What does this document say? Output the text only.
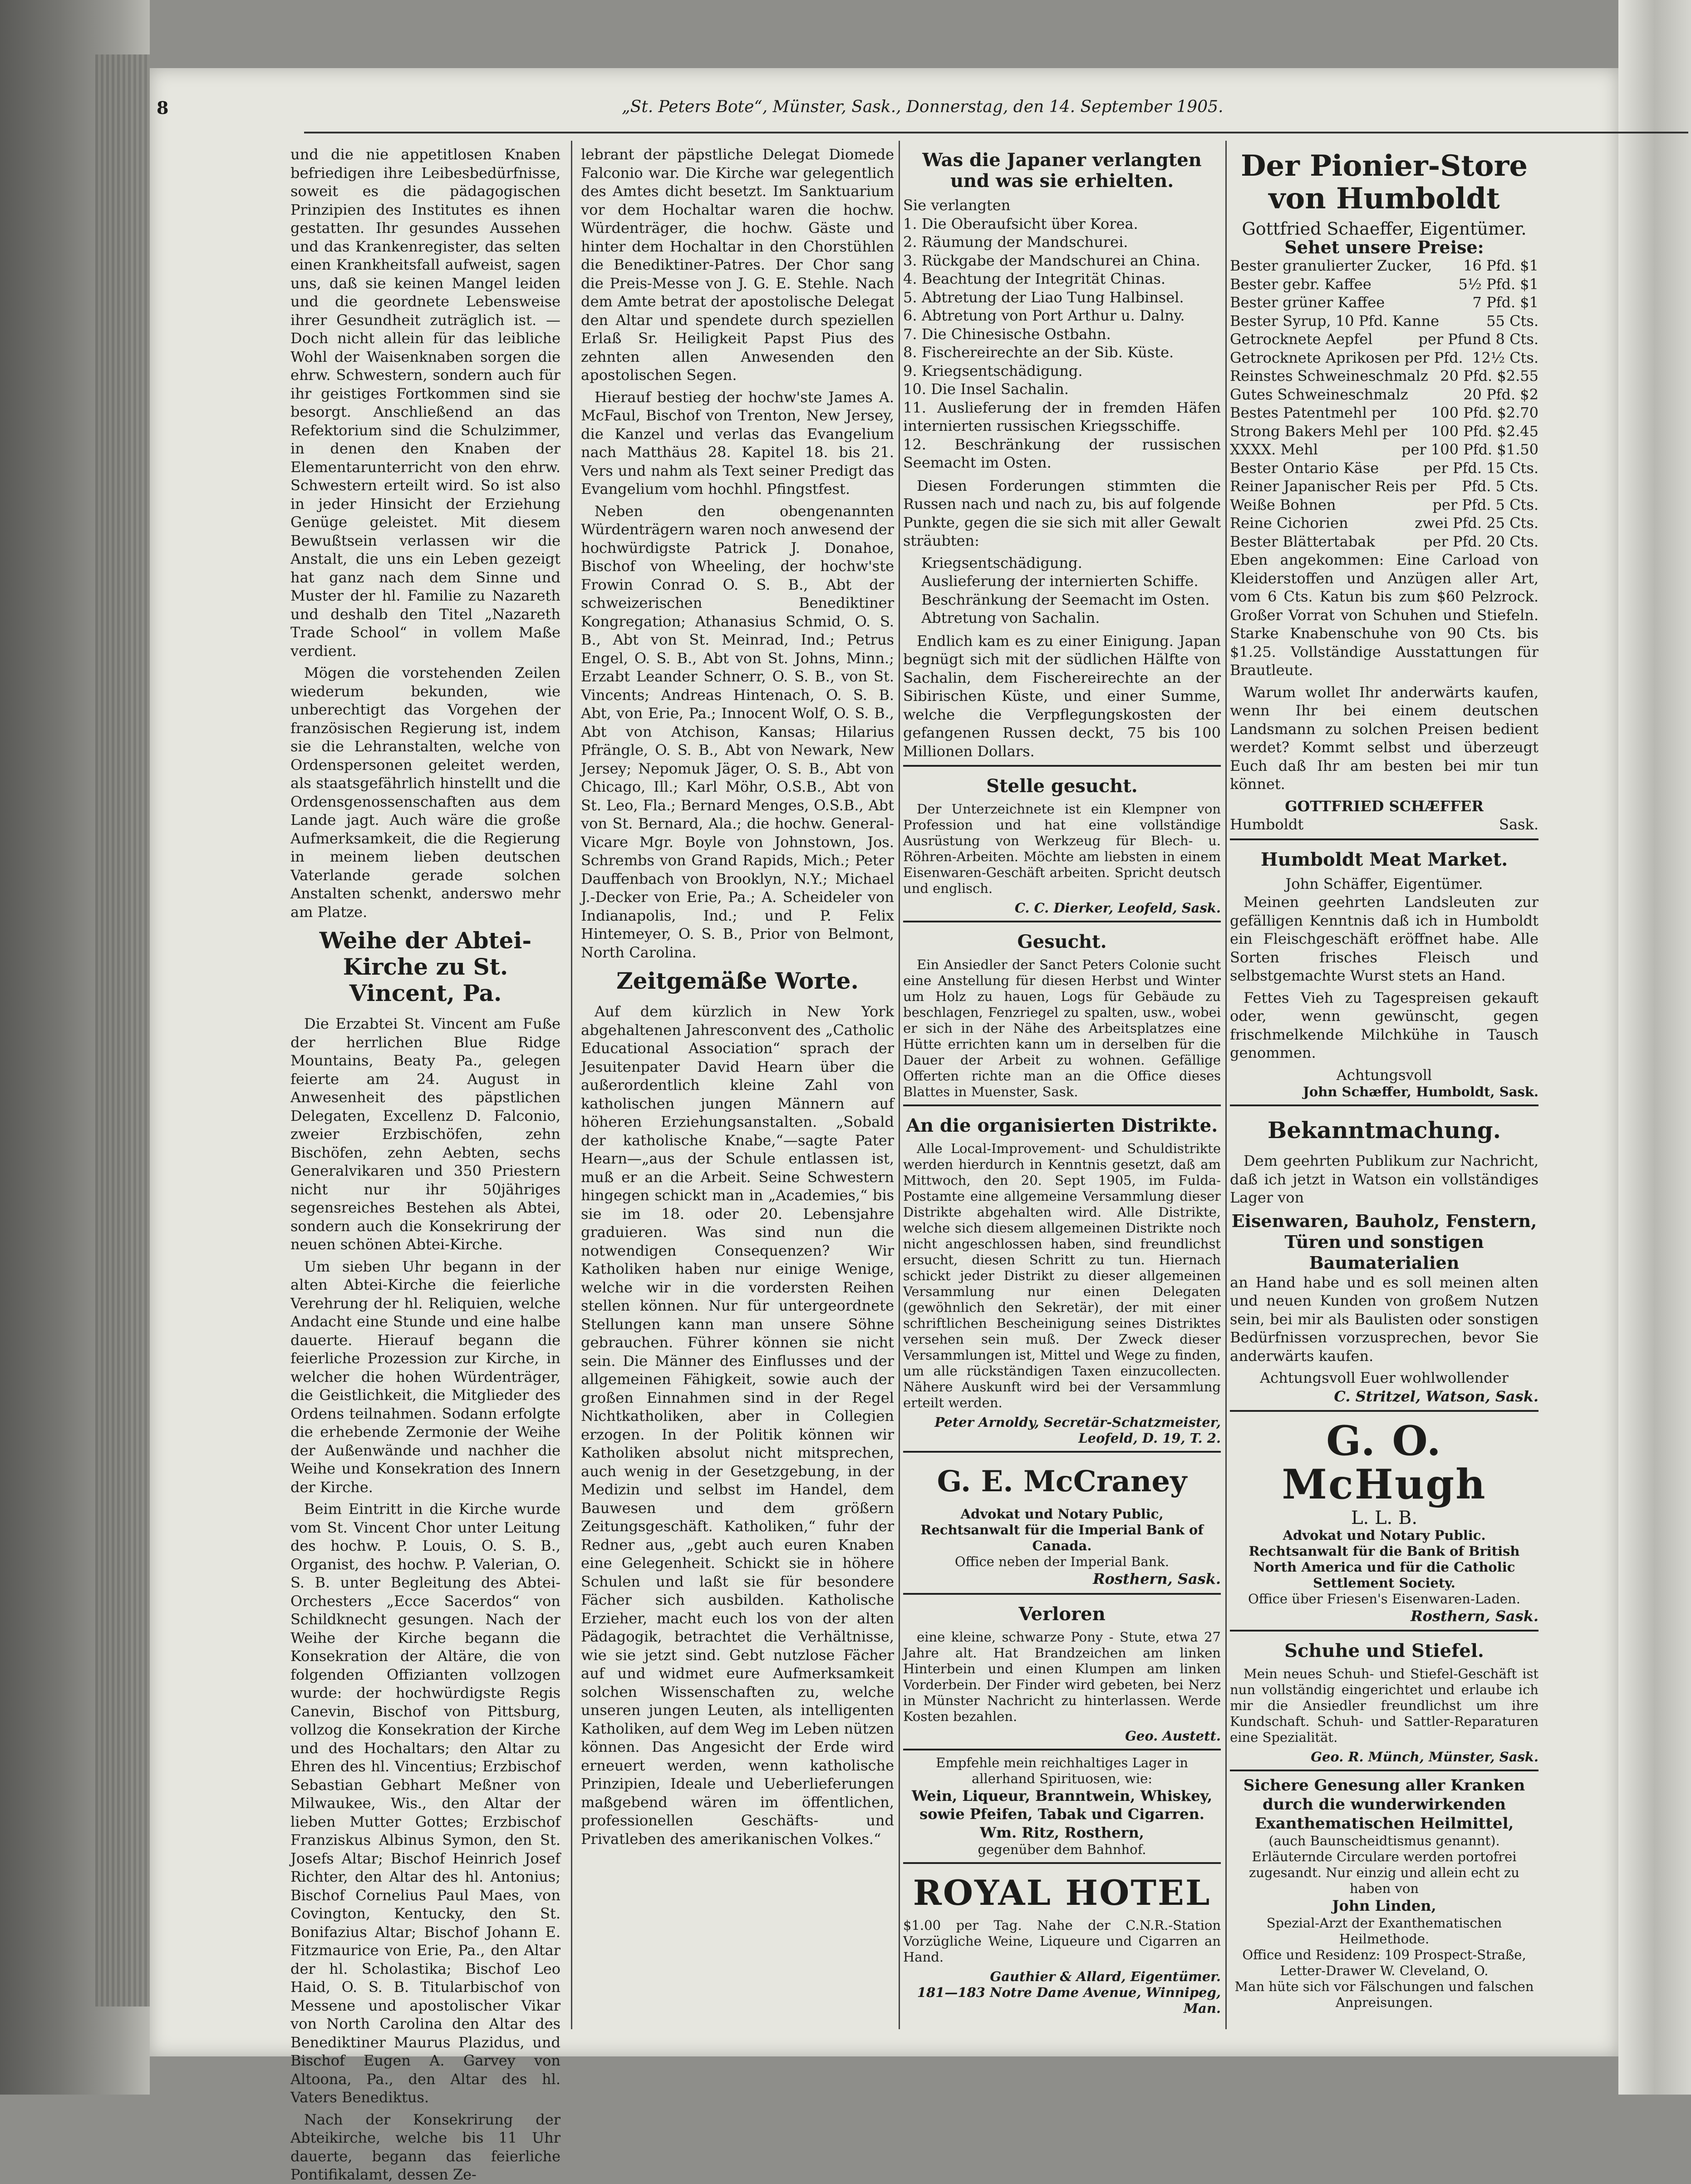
8	„St. Peters Bote“, Münster, Sask., Donnerstag, den 14. September 1905.

und die nie appetitlosen Knaben befriedigen ihre Leibesbedürfnisse, soweit es die pädagogischen Prinzipien des Institutes es ihnen gestatten. Ihr gesundes Aussehen und das Krankenregister, das selten einen Krankheitsfall aufweist, sagen uns, daß sie keinen Mangel leiden und die geordnete Lebensweise ihrer Gesundheit zuträglich ist. — Doch nicht allein für das leibliche Wohl der Waisenknaben sorgen die ehrw. Schwestern, sondern auch für ihr geistiges Fortkommen sind sie besorgt. Anschließend an das Refektorium sind die Schulzimmer, in denen den Knaben der Elementarunterricht von den ehrw. Schwestern erteilt wird. So ist also in jeder Hinsicht der Erziehung Genüge geleistet. Mit diesem Bewußtsein verlassen wir die Anstalt, die uns ein Leben gezeigt hat ganz nach dem Sinne und Muster der hl. Familie zu Nazareth und deshalb den Titel „Nazareth Trade School“ in vollem Maße verdient.

Mögen die vorstehenden Zeilen wiederum bekunden, wie unberechtigt das Vorgehen der französischen Regierung ist, indem sie die Lehranstalten, welche von Ordenspersonen geleitet werden, als staatsgefährlich hinstellt und die Ordensgenossenschaften aus dem Lande jagt. Auch wäre die große Aufmerksamkeit, die die Regierung in meinem lieben deutschen Vaterlande gerade solchen Anstalten schenkt, anderswo mehr am Platze.

Weihe der Abtei-Kirche zu St. Vincent, Pa.

Die Erzabtei St. Vincent am Fuße der herrlichen Blue Ridge Mountains, Beaty Pa., gelegen feierte am 24. August in Anwesenheit des päpstlichen Delegaten, Excellenz D. Falconio, zweier Erzbischöfen, zehn Bischöfen, zehn Aebten, sechs Generalvikaren und 350 Priestern nicht nur ihr 50jähriges segensreiches Bestehen als Abtei, sondern auch die Konsekrirung der neuen schönen Abtei-Kirche.

Um sieben Uhr begann in der alten Abtei-Kirche die feierliche Verehrung der hl. Reliquien, welche Andacht eine Stunde und eine halbe dauerte. Hierauf begann die feierliche Prozession zur Kirche, in welcher die hohen Würdenträger, die Geistlichkeit, die Mitglieder des Ordens teilnahmen. Sodann erfolgte die erhebende Zermonie der Weihe der Außenwände und nachher die Weihe und Konsekration des Innern der Kirche.

Beim Eintritt in die Kirche wurde vom St. Vincent Chor unter Leitung des hochw. P. Louis, O. S. B., Organist, des hochw. P. Valerian, O. S. B. unter Begleitung des Abtei-Orchesters „Ecce Sacerdos“ von Schildknecht gesungen. Nach der Weihe der Kirche begann die Konsekration der Altäre, die von folgenden Offizianten vollzogen wurde: der hochwürdigste Regis Canevin, Bischof von Pittsburg, vollzog die Konsekration der Kirche und des Hochaltars; den Altar zu Ehren des hl. Vincentius; Erzbischof Sebastian Gebhart Meßner von Milwaukee, Wis., den Altar der lieben Mutter Gottes; Erzbischof Franziskus Albinus Symon, den St. Josefs Altar; Bischof Heinrich Josef Richter, den Altar des hl. Antonius; Bischof Cornelius Paul Maes, von Covington, Kentucky, den St. Bonifazius Altar; Bischof Johann E. Fitzmaurice von Erie, Pa., den Altar der hl. Scholastika; Bischof Leo Haid, O. S. B. Titularbischof von Messene und apostolischer Vikar von North Carolina den Altar des Benediktiner Maurus Plazidus, und Bischof Eugen A. Garvey von Altoona, Pa., den Altar des hl. Vaters Benediktus.

Nach der Konsekrirung der Abteikirche, welche bis 11 Uhr dauerte, begann das feierliche Pontifikalamt, dessen Ze-

lebrant der päpstliche Delegat Diomede Falconio war. Die Kirche war gelegentlich des Amtes dicht besetzt. Im Sanktuarium vor dem Hochaltar waren die hochw. Würdenträger, die hochw. Gäste und hinter dem Hochaltar in den Chorstühlen die Benediktiner-Patres. Der Chor sang die Preis-Messe von J. G. E. Stehle. Nach dem Amte betrat der apostolische Delegat den Altar und spendete durch speziellen Erlaß Sr. Heiligkeit Papst Pius des zehnten allen Anwesenden den apostolischen Segen.

Hierauf bestieg der hochw'ste James A. McFaul, Bischof von Trenton, New Jersey, die Kanzel und verlas das Evangelium nach Matthäus 28. Kapitel 18. bis 21. Vers und nahm als Text seiner Predigt das Evangelium vom hochhl. Pfingstfest.

Neben den obengenannten Würdenträgern waren noch anwesend der hochwürdigste Patrick J. Donahoe, Bischof von Wheeling, der hochw'ste Frowin Conrad O. S. B., Abt der schweizerischen Benediktiner Kongregation; Athanasius Schmid, O. S. B., Abt von St. Meinrad, Ind.; Petrus Engel, O. S. B., Abt von St. Johns, Minn.; Erzabt Leander Schnerr, O. S. B., von St. Vincents; Andreas Hintenach, O. S. B. Abt, von Erie, Pa.; Innocent Wolf, O. S. B., Abt von Atchison, Kansas; Hilarius Pfrängle, O. S. B., Abt von Newark, New Jersey; Nepomuk Jäger, O. S. B., Abt von Chicago, Ill.; Karl Möhr, O.S.B., Abt von St. Leo, Fla.; Bernard Menges, O.S.B., Abt von St. Bernard, Ala.; die hochw. General-Vicare Mgr. Boyle von Johnstown, Jos. Schrembs von Grand Rapids, Mich.; Peter Dauffenbach von Brooklyn, N.Y.; Michael J.-Decker von Erie, Pa.; A. Scheideler von Indianapolis, Ind.; und P. Felix Hintemeyer, O. S. B., Prior von Belmont, North Carolina.

Zeitgemäße Worte.

Auf dem kürzlich in New York abgehaltenen Jahresconvent des „Catholic Educational Association“ sprach der Jesuitenpater David Hearn über die außerordentlich kleine Zahl von katholischen jungen Männern auf höheren Erziehungsanstalten. „Sobald der katholische Knabe,“—sagte Pater Hearn—„aus der Schule entlassen ist, muß er an die Arbeit. Seine Schwestern hingegen schickt man in „Academies,“ bis sie im 18. oder 20. Lebensjahre graduieren. Was sind nun die notwendigen Consequenzen? Wir Katholiken haben nur einige Wenige, welche wir in die vordersten Reihen stellen können. Nur für untergeordnete Stellungen kann man unsere Söhne gebrauchen. Führer können sie nicht sein. Die Männer des Einflusses und der allgemeinen Fähigkeit, sowie auch der großen Einnahmen sind in der Regel Nichtkatholiken, aber in Collegien erzogen. In der Politik können wir Katholiken absolut nicht mitsprechen, auch wenig in der Gesetzgebung, in der Medizin und selbst im Handel, dem Bauwesen und dem größern Zeitungsgeschäft. Katholiken,“ fuhr der Redner aus, „gebt auch euren Knaben eine Gelegenheit. Schickt sie in höhere Schulen und laßt sie für besondere Fächer sich ausbilden. Katholische Erzieher, macht euch los von der alten Pädagogik, betrachtet die Verhältnisse, wie sie jetzt sind. Gebt nutzlose Fächer auf und widmet eure Aufmerksamkeit solchen Wissenschaften zu, welche unseren jungen Leuten, als intelligenten Katholiken, auf dem Weg im Leben nützen können. Das Angesicht der Erde wird erneuert werden, wenn katholische Prinzipien, Ideale und Ueberlieferungen maßgebend wären im öffentlichen, professionellen Geschäfts- und Privatleben des amerikanischen Volkes.“

Was die Japaner verlangten und was sie erhielten.
Sie verlangten
1. Die Oberaufsicht über Korea.
2. Räumung der Mandschurei.
3. Rückgabe der Mandschurei an China.
4. Beachtung der Integrität Chinas.
5. Abtretung der Liao Tung Halbinsel.
6. Abtretung von Port Arthur u. Dalny.
7. Die Chinesische Ostbahn.
8. Fischereirechte an der Sib. Küste.
9. Kriegsentschädigung.
10. Die Insel Sachalin.
11. Auslieferung der in fremden Häfen internierten russischen Kriegsschiffe.
12. Beschränkung der russischen Seemacht im Osten.

Diesen Forderungen stimmten die Russen nach und nach zu, bis auf folgende Punkte, gegen die sie sich mit aller Gewalt sträubten:

Kriegsentschädigung.
Auslieferung der internierten Schiffe.
Beschränkung der Seemacht im Osten.
Abtretung von Sachalin.

Endlich kam es zu einer Einigung. Japan begnügt sich mit der südlichen Hälfte von Sachalin, dem Fischereirechte an der Sibirischen Küste, und einer Summe, welche die Verpflegungskosten der gefangenen Russen deckt, 75 bis 100 Millionen Dollars.

Stelle gesucht.

Der Unterzeichnete ist ein Klempner von Profession und hat eine vollständige Ausrüstung von Werkzeug für Blech- u. Röhren-Arbeiten. Möchte am liebsten in einem Eisenwaren-Geschäft arbeiten. Spricht deutsch und englisch.

C. C. Dierker, Leofeld, Sask.
Gesucht.

Ein Ansiedler der Sanct Peters Colonie sucht eine Anstellung für diesen Herbst und Winter um Holz zu hauen, Logs für Gebäude zu beschlagen, Fenzriegel zu spalten, usw., wobei er sich in der Nähe des Arbeitsplatzes eine Hütte errichten kann um in derselben für die Dauer der Arbeit zu wohnen. Gefällige Offerten richte man an die Office dieses Blattes in Muenster, Sask.

An die organisierten Distrikte.

Alle Local-Improvement- und Schuldistrikte werden hierdurch in Kenntnis gesetzt, daß am Mittwoch, den 20. Sept 1905, im Fulda-Postamte eine allgemeine Versammlung dieser Distrikte abgehalten wird. Alle Distrikte, welche sich diesem allgemeinen Distrikte noch nicht angeschlossen haben, sind freundlichst ersucht, diesen Schritt zu tun. Hiernach schickt jeder Distrikt zu dieser allgemeinen Versammlung nur einen Delegaten (gewöhnlich den Sekretär), der mit einer schriftlichen Bescheinigung seines Distriktes versehen sein muß. Der Zweck dieser Versammlungen ist, Mittel und Wege zu finden, um alle rückständigen Taxen einzucollecten. Nähere Auskunft wird bei der Versammlung erteilt werden.

Peter Arnoldy, Secretär-Schatzmeister, Leofeld, D. 19, T. 2.
G. E. McCraney
Advokat und Notary Public,
Rechtsanwalt für die Imperial Bank of Canada.
Office neben der Imperial Bank.
Rosthern, Sask.
Verloren

eine kleine, schwarze Pony - Stute, etwa 27 Jahre alt. Hat Brandzeichen am linken Hinterbein und einen Klumpen am linken Vorderbein. Der Finder wird gebeten, bei Nerz in Münster Nachricht zu hinterlassen. Werde Kosten bezahlen.

Geo. Austett.
Empfehle mein reichhaltiges Lager in allerhand Spirituosen, wie:
Wein, Liqueur, Branntwein, Whiskey, sowie Pfeifen, Tabak und Cigarren.
Wm. Ritz, Rosthern,
gegenüber dem Bahnhof.
ROYAL HOTEL

$1.00 per Tag. Nahe der C.N.R.-Station Vorzügliche Weine, Liqueure und Cigarren an Hand.

Gauthier & Allard, Eigentümer.
181—183 Notre Dame Avenue, Winnipeg, Man.
Der Pionier-Store von Humboldt
Gottfried Schaeffer, Eigentümer.
Sehet unsere Preise:
Bester granulierter Zucker, 16 Pfd. $1
Bester gebr. Kaffee	5½ Pfd. $1
Bester grüner Kaffee	7 Pfd. $1
Bester Syrup, 10 Pfd. Kanne	55 Cts.
Getrocknete Aepfel	per Pfund 8 Cts.
Getrocknete Aprikosen per Pfd. 12½ Cts.
Reinstes Schweineschmalz 20 Pfd. $2.55
Gutes Schweineschmalz	20 Pfd. $2
Bestes Patentmehl per 100 Pfd. $2.70
Strong Bakers Mehl per 100 Pfd. $2.45
XXXX. Mehl	per 100 Pfd. $1.50
Bester Ontario Käse	per Pfd. 15 Cts.
Reiner Japanischer Reis per Pfd. 5 Cts.
Weiße Bohnen	per Pfd. 5 Cts.
Reine Cichorien	zwei Pfd. 25 Cts.
Bester Blättertabak	per Pfd. 20 Cts.

Eben angekommen: Eine Carload von Kleiderstoffen und Anzügen aller Art, vom 6 Cts. Katun bis zum $60 Pelzrock. Großer Vorrat von Schuhen und Stiefeln. Starke Knabenschuhe von 90 Cts. bis $1.25. Vollständige Ausstattungen für Brautleute.

Warum wollet Ihr anderwärts kaufen, wenn Ihr bei einem deutschen Landsmann zu solchen Preisen bedient werdet? Kommt selbst und überzeugt Euch daß Ihr am besten bei mir tun könnet.

GOTTFRIED SCHÆFFER
Humboldt	Sask.
Humboldt Meat Market.
John Schäffer, Eigentümer.

Meinen geehrten Landsleuten zur gefälligen Kenntnis daß ich in Humboldt ein Fleischgeschäft eröffnet habe. Alle Sorten frisches Fleisch und selbstgemachte Wurst stets an Hand.

Fettes Vieh zu Tagespreisen gekauft oder, wenn gewünscht, gegen frischmelkende Milchkühe in Tausch genommen.

Achtungsvoll
John Schæffer, Humboldt, Sask.
Bekanntmachung.

Dem geehrten Publikum zur Nachricht, daß ich jetzt in Watson ein vollständiges Lager von

Eisenwaren, Bauholz, Fenstern, Türen und sonstigen Baumaterialien

an Hand habe und es soll meinen alten und neuen Kunden von großem Nutzen sein, bei mir als Baulisten oder sonstigen Bedürfnissen vorzusprechen, bevor Sie anderwärts kaufen.

Achtungsvoll Euer wohlwollender
C. Stritzel, Watson, Sask.
G. O. McHugh
L. L. B.
Advokat und Notary Public.
Rechtsanwalt für die Bank of British North America und für die Catholic Settlement Society.
Office über Friesen's Eisenwaren-Laden.
Rosthern, Sask.
Schuhe und Stiefel.

Mein neues Schuh- und Stiefel-Geschäft ist nun vollständig eingerichtet und erlaube ich mir die Ansiedler freundlichst um ihre Kundschaft. Schuh- und Sattler-Reparaturen eine Spezialität.

Geo. R. Münch, Münster, Sask.
Sichere Genesung aller Kranken durch die wunderwirkenden Exanthematischen Heilmittel,
(auch Baunscheidtismus genannt).
Erläuternde Circulare werden portofrei zugesandt. Nur einzig und allein echt zu haben von
John Linden,
Spezial-Arzt der Exanthematischen Heilmethode.
Office und Residenz: 109 Prospect-Straße, Letter-Drawer W. Cleveland, O.
Man hüte sich vor Fälschungen und falschen Anpreisungen.
